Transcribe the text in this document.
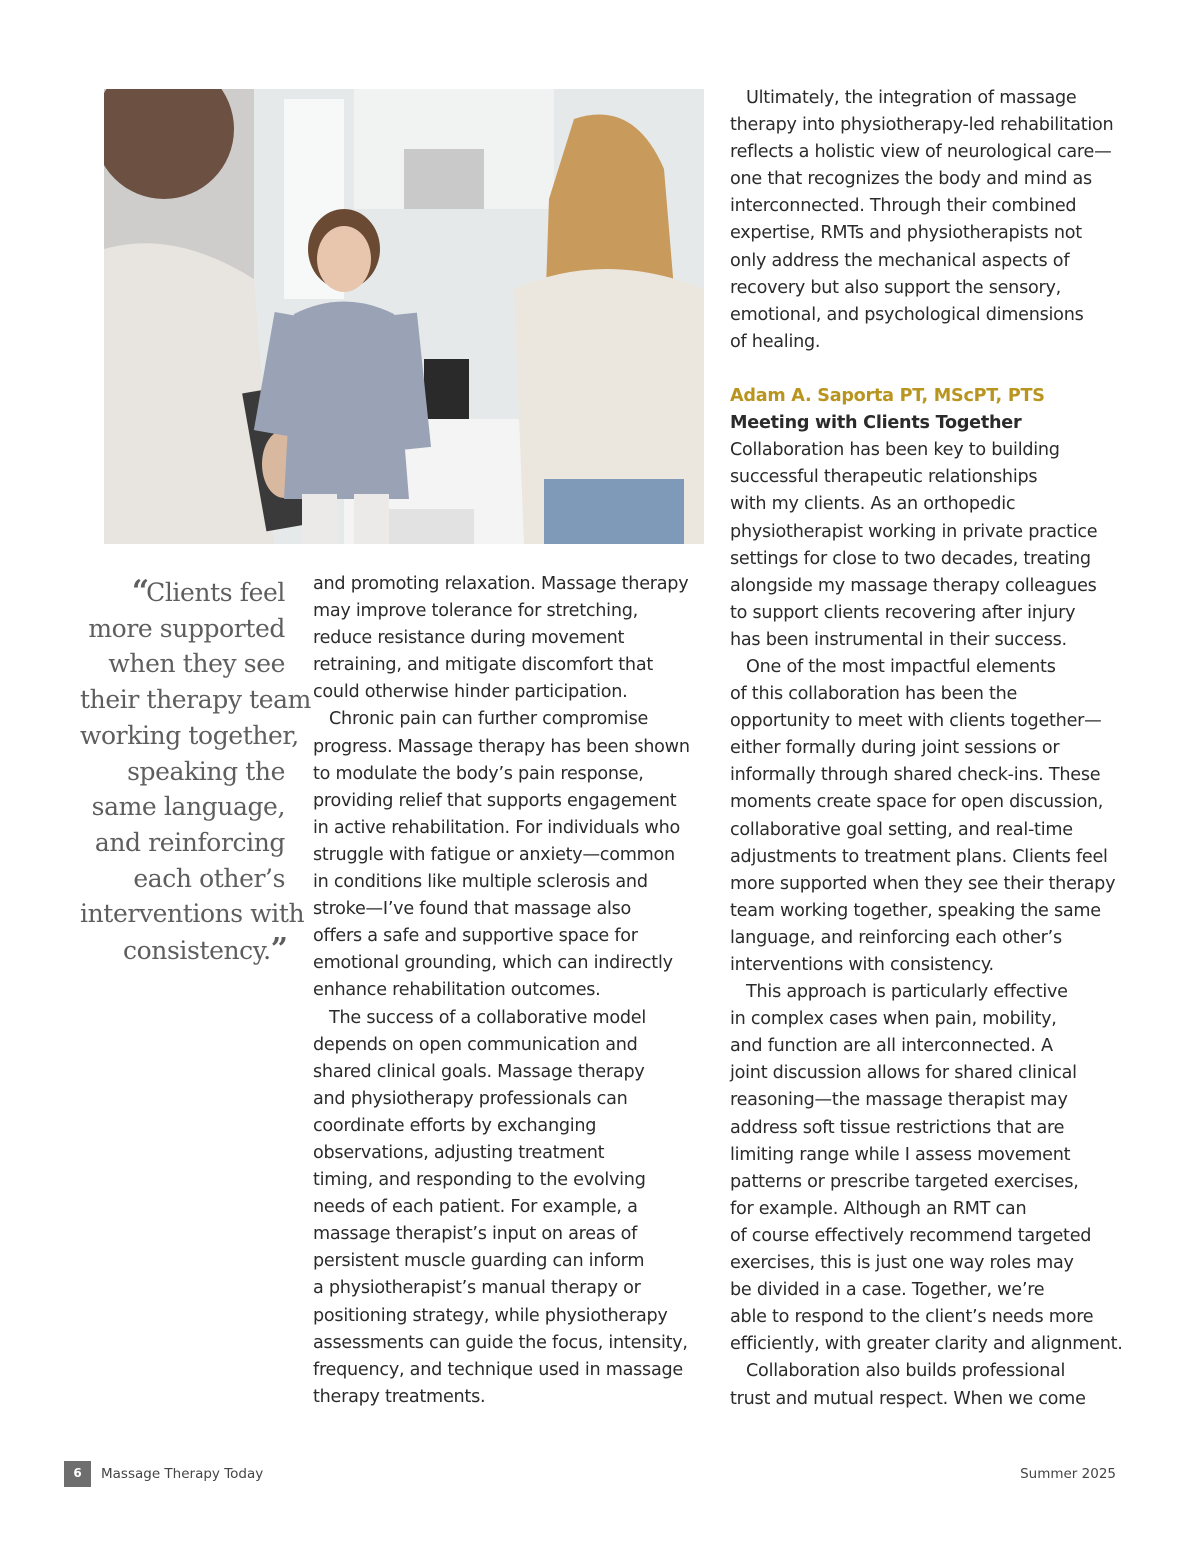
“Clients feel
more supported
when they see
their therapy team
working together,
speaking the
same language,
and reinforcing
each other’s
interventions with
consistency.”
and promoting relaxation. Massage therapy
may improve tolerance for stretching,
reduce resistance during movement
retraining, and mitigate discomfort that
could otherwise hinder participation.
Chronic pain can further compromise
progress. Massage therapy has been shown
to modulate the body’s pain response,
providing relief that supports engagement
in active rehabilitation. For individuals who
struggle with fatigue or anxiety—common
in conditions like multiple sclerosis and
stroke—I’ve found that massage also
offers a safe and supportive space for
emotional grounding, which can indirectly
enhance rehabilitation outcomes.
The success of a collaborative model
depends on open communication and
shared clinical goals. Massage therapy
and physiotherapy professionals can
coordinate efforts by exchanging
observations, adjusting treatment
timing, and responding to the evolving
needs of each patient. For example, a
massage therapist’s input on areas of
persistent muscle guarding can inform
a physiotherapist’s manual therapy or
positioning strategy, while physiotherapy
assessments can guide the focus, intensity,
frequency, and technique used in massage
therapy treatments.
Ultimately, the integration of massage
therapy into physiotherapy-led rehabilitation
reflects a holistic view of neurological care—
one that recognizes the body and mind as
interconnected. Through their combined
expertise, RMTs and physiotherapists not
only address the mechanical aspects of
recovery but also support the sensory,
emotional, and psychological dimensions
of healing.
Adam A. Saporta PT, MScPT, PTS
Meeting with Clients Together
Collaboration has been key to building
successful therapeutic relationships
with my clients. As an orthopedic
physiotherapist working in private practice
settings for close to two decades, treating
alongside my massage therapy colleagues
to support clients recovering after injury
has been instrumental in their success.
One of the most impactful elements
of this collaboration has been the
opportunity to meet with clients together—
either formally during joint sessions or
informally through shared check-ins. These
moments create space for open discussion,
collaborative goal setting, and real-time
adjustments to treatment plans. Clients feel
more supported when they see their therapy
team working together, speaking the same
language, and reinforcing each other’s
interventions with consistency.
This approach is particularly effective
in complex cases when pain, mobility,
and function are all interconnected. A
joint discussion allows for shared clinical
reasoning—the massage therapist may
address soft tissue restrictions that are
limiting range while I assess movement
patterns or prescribe targeted exercises,
for example. Although an RMT can
of course effectively recommend targeted
exercises, this is just one way roles may
be divided in a case. Together, we’re
able to respond to the client’s needs more
efficiently, with greater clarity and alignment.
Collaboration also builds professional
trust and mutual respect. When we come
6	Massage Therapy Today	Summer 2025
